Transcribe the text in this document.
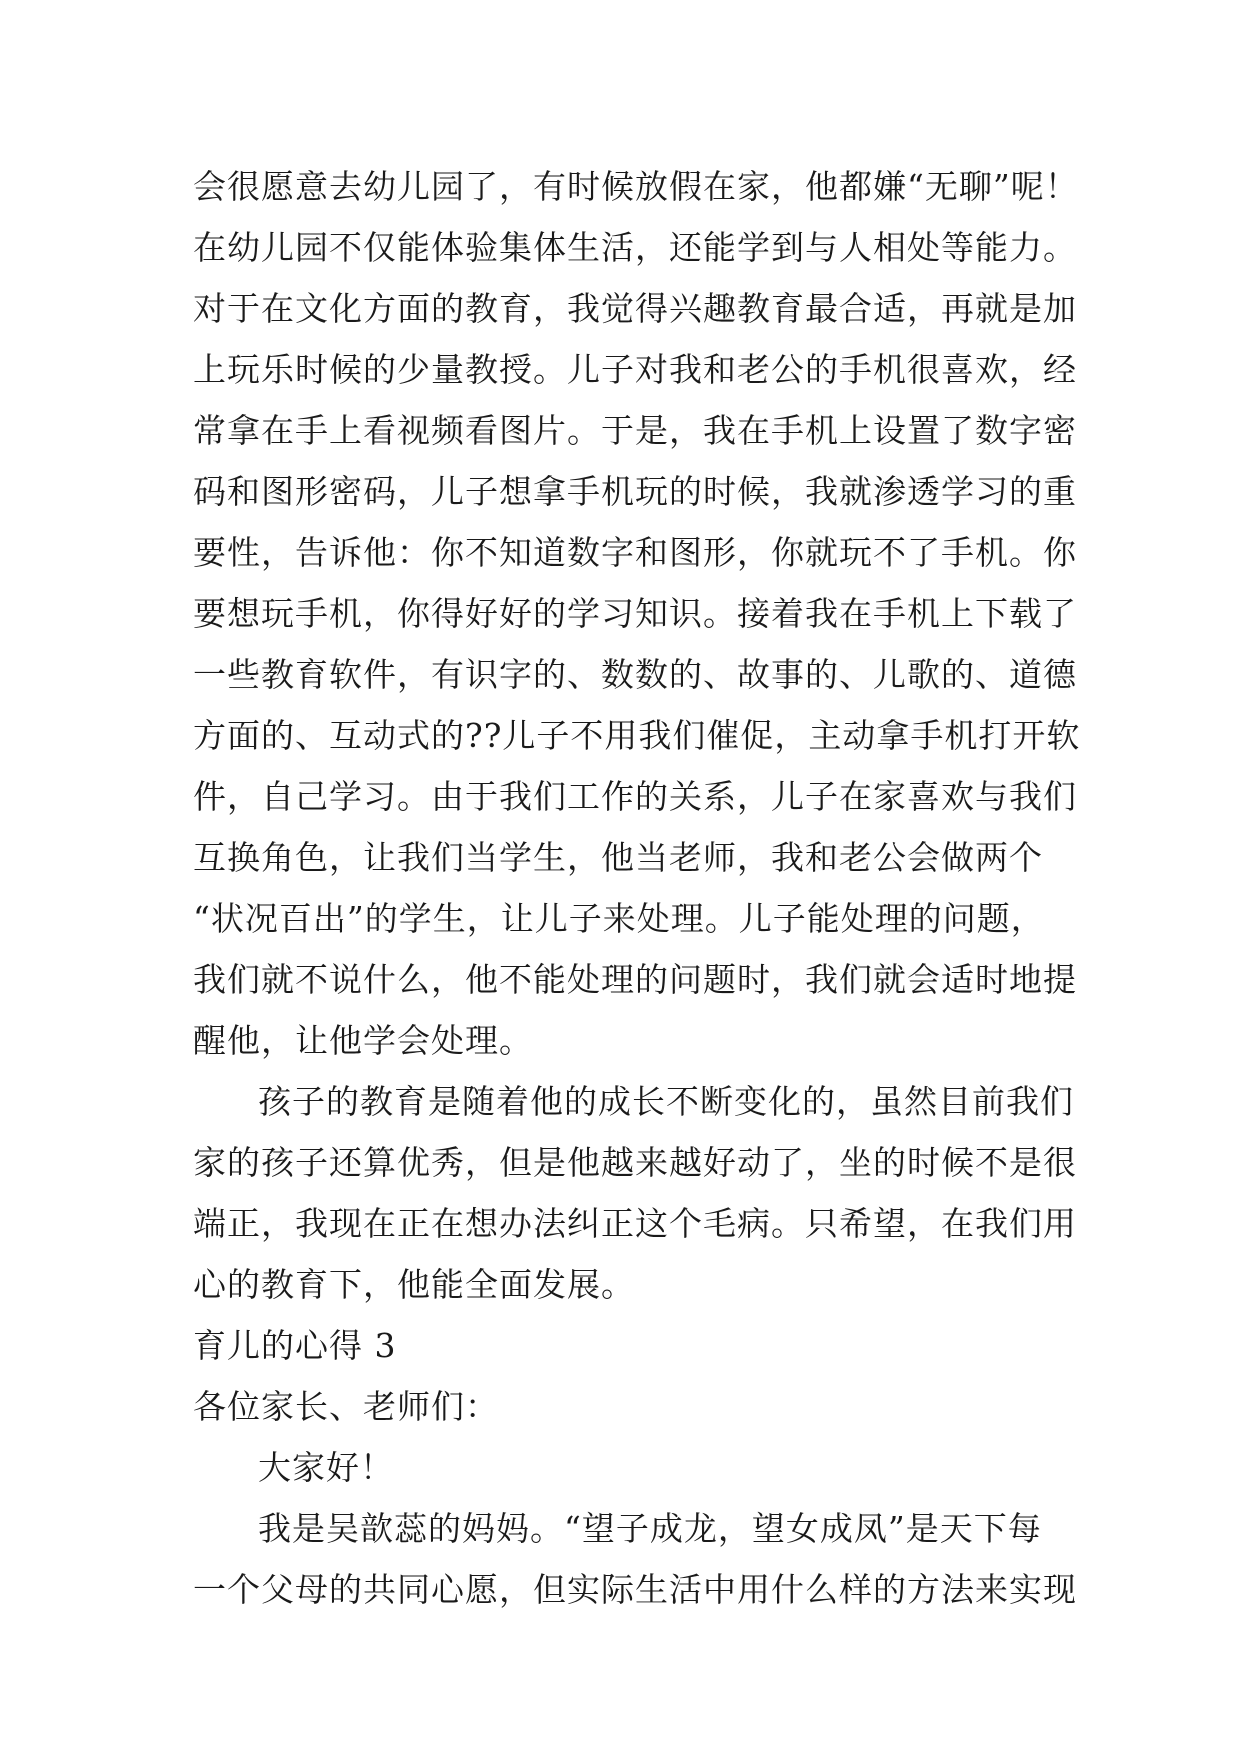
会很愿意去幼儿园了，有时候放假在家，他都嫌“无聊”呢！
在幼儿园不仅能体验集体生活，还能学到与人相处等能力。
对于在文化方面的教育，我觉得兴趣教育最合适，再就是加
上玩乐时候的少量教授。儿子对我和老公的手机很喜欢，经
常拿在手上看视频看图片。于是，我在手机上设置了数字密
码和图形密码，儿子想拿手机玩的时候，我就渗透学习的重
要性，告诉他：你不知道数字和图形，你就玩不了手机。你
要想玩手机，你得好好的学习知识。接着我在手机上下载了
一些教育软件，有识字的、数数的、故事的、儿歌的、道德
方面的、互动式的??儿子不用我们催促，主动拿手机打开软
件，自己学习。由于我们工作的关系，儿子在家喜欢与我们
互换角色，让我们当学生，他当老师，我和老公会做两个
“状况百出”的学生，让儿子来处理。儿子能处理的问题，
我们就不说什么，他不能处理的问题时，我们就会适时地提
醒他，让他学会处理。
孩子的教育是随着他的成长不断变化的，虽然目前我们
家的孩子还算优秀，但是他越来越好动了，坐的时候不是很
端正，我现在正在想办法纠正这个毛病。只希望，在我们用
心的教育下，他能全面发展。
育儿的心得 3
各位家长、老师们：
大家好！
我是吴歆蕊的妈妈。“望子成龙，望女成凤”是天下每
一个父母的共同心愿，但实际生活中用什么样的方法来实现
